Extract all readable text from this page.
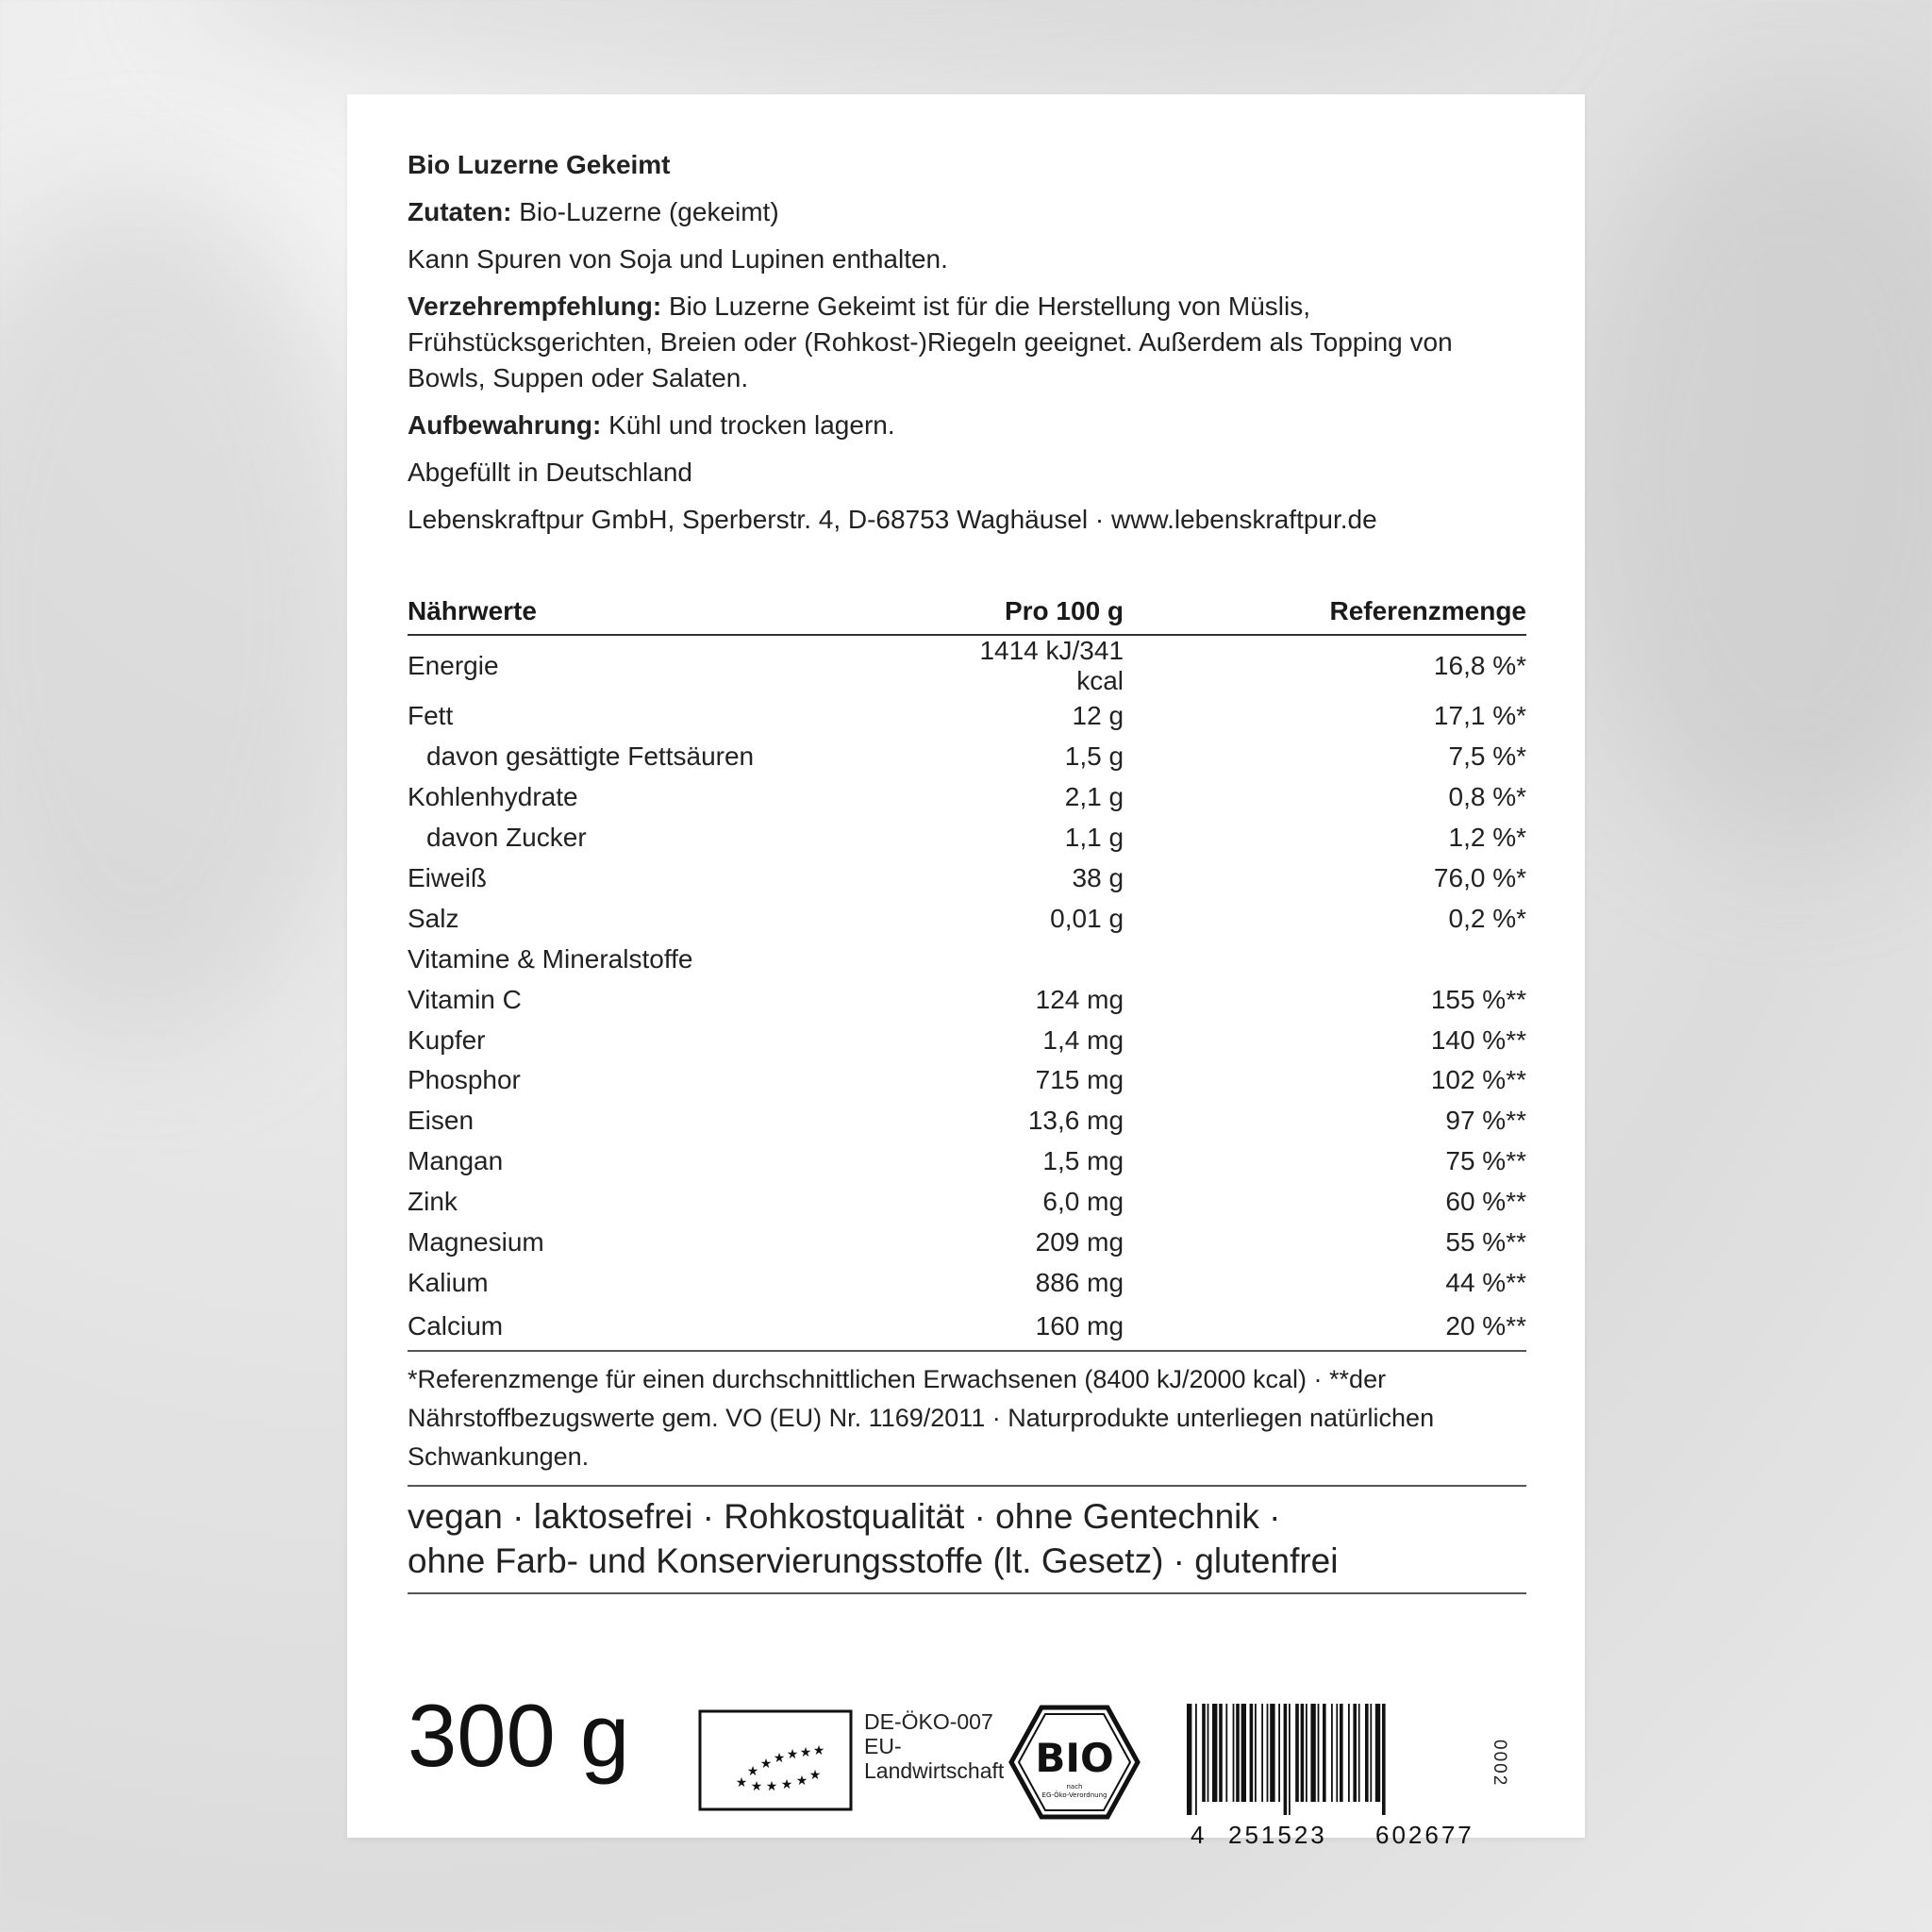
Bio Luzerne Gekeimt

Zutaten: Bio-Luzerne (gekeimt)

Kann Spuren von Soja und Lupinen enthalten.

Verzehrempfehlung: Bio Luzerne Gekeimt ist für die Herstellung von Müslis, Frühstücksgerichten, Breien oder (Rohkost-)Riegeln geeignet. Außerdem als Topping von Bowls, Suppen oder Salaten.

Aufbewahrung: Kühl und trocken lagern.

Abgefüllt in Deutschland

Lebenskraftpur GmbH, Sperberstr. 4, D-68753 Waghäusel · www.lebenskraftpur.de

Nährwerte	Pro 100 g	Referenzmenge
Energie	1414 kJ/341 kcal	16,8 %*
Fett	12 g	17,1 %*
davon gesättigte Fettsäuren	1,5 g	7,5 %*
Kohlenhydrate	2,1 g	0,8 %*
davon Zucker	1,1 g	1,2 %*
Eiweiß	38 g	76,0 %*
Salz	0,01 g	0,2 %*
Vitamine & Mineralstoffe		
Vitamin C	124 mg	155 %**
Kupfer	1,4 mg	140 %**
Phosphor	715 mg	102 %**
Eisen	13,6 mg	97 %**
Mangan	1,5 mg	75 %**
Zink	6,0 mg	60 %**
Magnesium	209 mg	55 %**
Kalium	886 mg	44 %**
Calcium	160 mg	20 %**
*Referenzmenge für einen durchschnittlichen Erwachsenen (8400 kJ/2000 kcal) · **der Nährstoffbezugswerte gem. VO (EU) Nr. 1169/2011 · Naturprodukte unterliegen natürlichen Schwankungen.
vegan · laktosefrei · Rohkostqualität · ohne Gentechnik ·
ohne Farb- und Konservierungsstoffe (lt. Gesetz) · glutenfrei
300 g	★
★ ★ ★ ★ ★ ★
★ ★ ★ ★ ★
DE-ÖKO-007
EU-
Landwirtschaft BIO
nach
EG-Öko-Verordnung
4 251523 602677
0002
